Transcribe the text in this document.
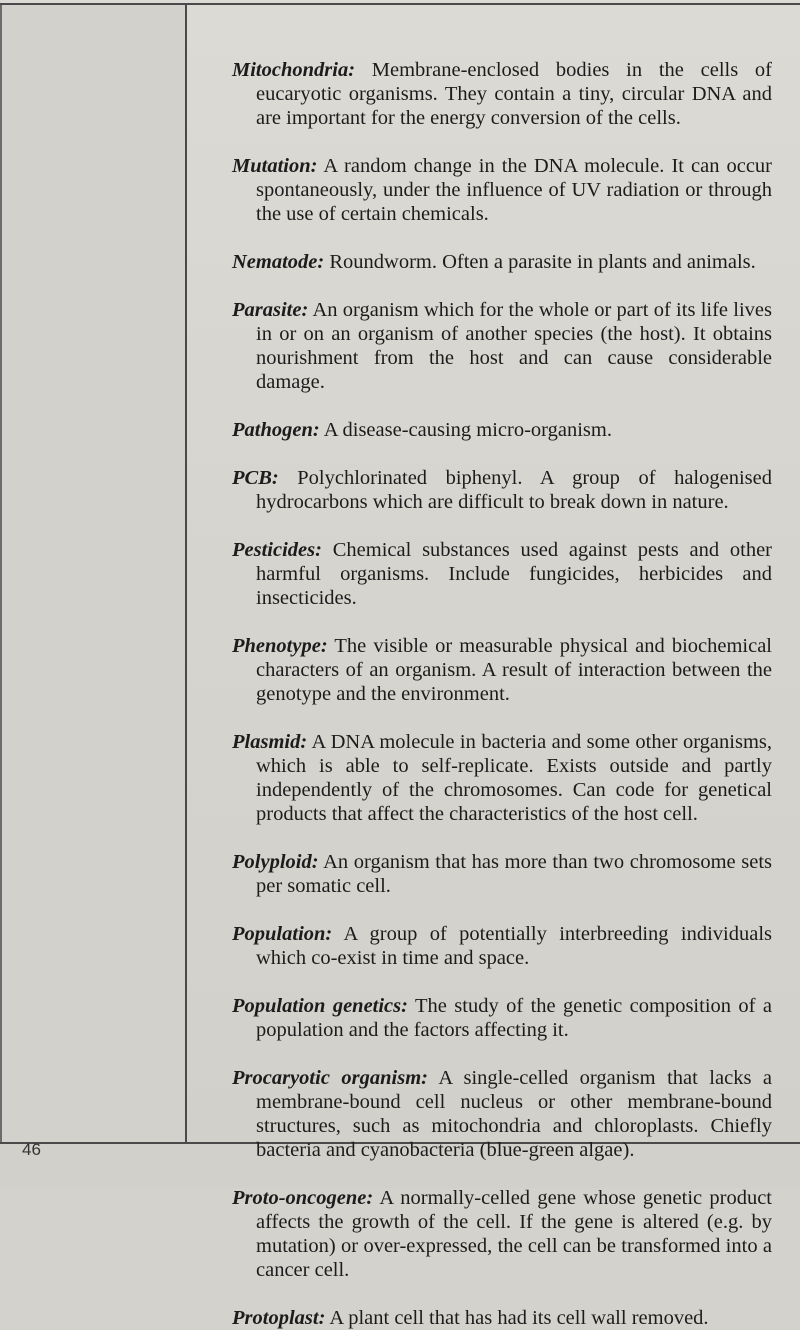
46

Mitochondria: Membrane-enclosed bodies in the cells of eucaryotic organisms. They contain a tiny, circular DNA and are important for the energy conversion of the cells.

Mutation: A random change in the DNA molecule. It can occur spontaneously, under the influence of UV radiation or through the use of certain chemicals.

Nematode: Roundworm. Often a parasite in plants and animals.

Parasite: An organism which for the whole or part of its life lives in or on an organism of another species (the host). It obtains nourishment from the host and can cause considerable damage.

Pathogen: A disease-causing micro-organism.

PCB: Polychlorinated biphenyl. A group of halogenised hydrocarbons which are difficult to break down in nature.

Pesticides: Chemical substances used against pests and other harmful organisms. Include fungicides, herbicides and insecticides.

Phenotype: The visible or measurable physical and biochemical characters of an organism. A result of interaction between the genotype and the environment.

Plasmid: A DNA molecule in bacteria and some other organisms, which is able to self-replicate. Exists outside and partly independently of the chromosomes. Can code for genetical products that affect the characteristics of the host cell.

Polyploid: An organism that has more than two chromosome sets per somatic cell.

Population: A group of potentially interbreeding individuals which co-exist in time and space.

Population genetics: The study of the genetic composition of a population and the factors affecting it.

Procaryotic organism: A single-celled organism that lacks a membrane-bound cell nucleus or other membrane-bound structures, such as mitochondria and chloroplasts. Chiefly bacteria and cyanobacteria (blue-green algae).

Proto-oncogene: A normally-celled gene whose genetic product affects the growth of the cell. If the gene is altered (e.g. by mutation) or over-expressed, the cell can be transformed into a cancer cell.

Protoplast: A plant cell that has had its cell wall removed.
